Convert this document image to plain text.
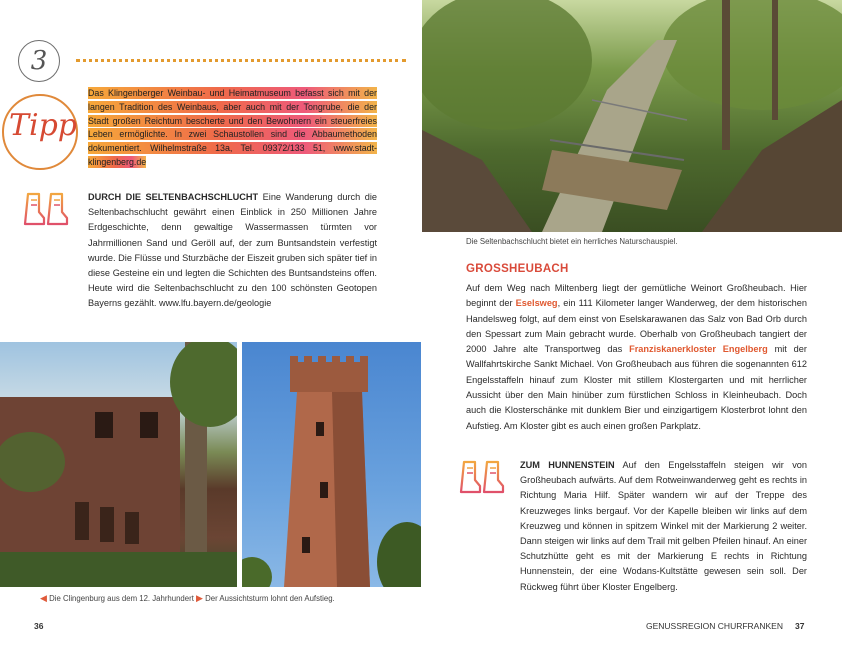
3
Tipp
Das Klingenberger Weinbau- und Heimatmuseum befasst sich mit der langen Tradition des Weinbaus, aber auch mit der Tongrube, die der Stadt großen Reichtum bescherte und den Bewohnern ein steuerfreies Leben ermöglichte. In zwei Schaustollen sind die Abbaumethoden dokumentiert. Wilhelmstraße 13a, Tel. 09372/133 51, www.stadt-klingenberg.de
DURCH DIE SELTENBACHSCHLUCHT Eine Wanderung durch die Seltenbachschlucht gewährt einen Einblick in 250 Millionen Jahre Erdgeschichte, denn gewaltige Wassermassen türmten vor Jahrmillionen Sand und Geröll auf, der zum Buntsandstein verfestigt wurde. Die Flüsse und Sturzbäche der Eiszeit gruben sich später tief in diese Gesteine ein und legten die Schichten des Buntsandsteins offen. Heute wird die Seltenbachschlucht zu den 100 schönsten Geotopen Bayerns gezählt. www.lfu.bayern.de/geologie
◀ Die Clingenburg aus dem 12. Jahrhundert ▶ Der Aussichtsturm lohnt den Aufstieg.
Die Seltenbachschlucht bietet ein herrliches Naturschauspiel.
GROSSHEUBACH
Auf dem Weg nach Miltenberg liegt der gemütliche Weinort Großheubach. Hier beginnt der Eselsweg, ein 111 Kilometer langer Wanderweg, der dem historischen Handelsweg folgt, auf dem einst von Eselskarawanen das Salz von Bad Orb durch den Spessart zum Main gebracht wurde. Oberhalb von Großheubach tangiert der 2000 Jahre alte Transportweg das Franziskanerkloster Engelberg mit der Wallfahrtskirche Sankt Michael. Von Großheubach aus führen die sogenannten 612 Engelsstaffeln hinauf zum Kloster mit stillem Klostergarten und mit herrlicher Aussicht über den Main hinüber zum fürstlichen Schloss in Kleinheubach. Doch auch die Klosterschänke mit dunklem Bier und einzigartigem Klosterbrot lohnt den Aufstieg. Am Kloster gibt es auch einen großen Parkplatz.
ZUM HUNNENSTEIN Auf den Engelsstaffeln steigen wir von Großheubach aufwärts. Auf dem Rotweinwanderweg geht es rechts in Richtung Maria Hilf. Später wandern wir auf der Treppe des Kreuzweges links bergauf. Vor der Kapelle bleiben wir links auf dem Kreuzweg und können in spitzem Winkel mit der Markierung 2 weiter. Dann steigen wir links auf dem Trail mit gelben Pfeilen hinauf. An einer Schutzhütte geht es mit der Markierung E rechts in Richtung Hunnenstein, der eine Wodans-Kultstätte gewesen sein soll. Der Rückweg führt über Kloster Engelberg.
36	GENUSSREGION CHURFRANKEN 37
